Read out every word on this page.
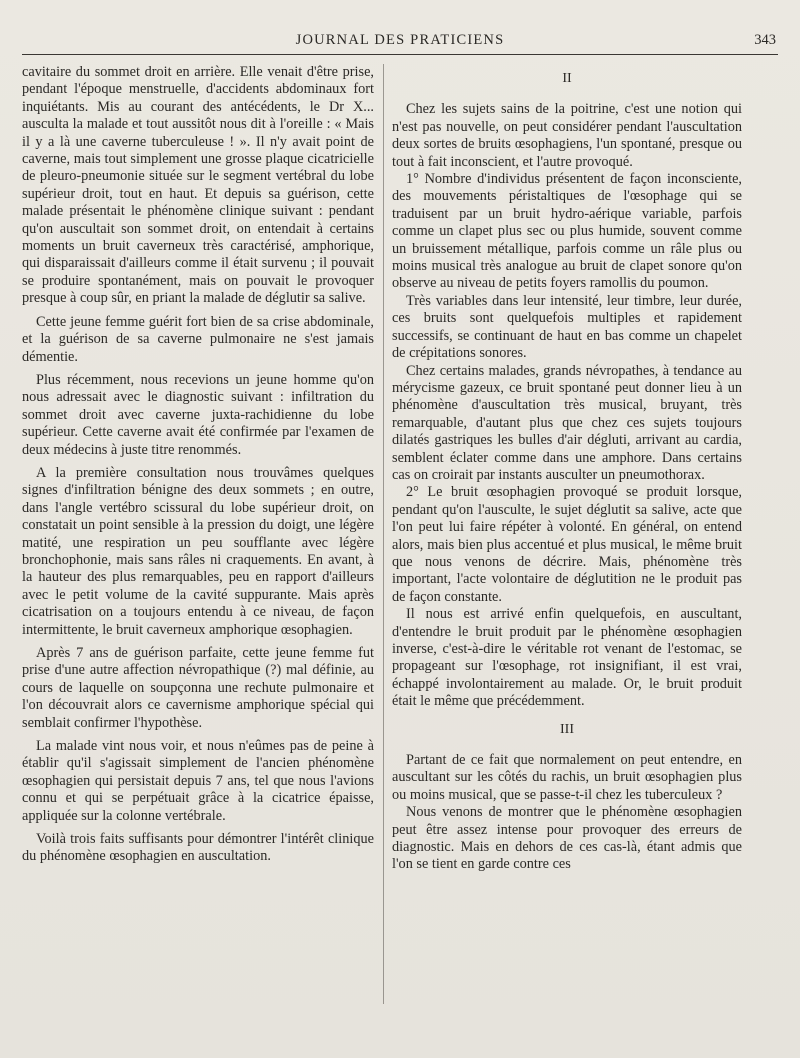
JOURNAL DES PRATICIENS	343

cavitaire du sommet droit en arrière. Elle venait d'être prise, pendant l'époque menstruelle, d'accidents abdominaux fort inquiétants. Mis au courant des antécédents, le Dr X... ausculta la malade et tout aussitôt nous dit à l'oreille : « Mais il y a là une caverne tuberculeuse ! ». Il n'y avait point de caverne, mais tout simplement une grosse plaque cicatricielle de pleuro-pneumonie située sur le segment vertébral du lobe supérieur droit, tout en haut. Et depuis sa guérison, cette malade présentait le phénomène clinique suivant : pendant qu'on auscultait son sommet droit, on entendait à certains moments un bruit caverneux très caractérisé, amphorique, qui disparaissait d'ailleurs comme il était survenu ; il pouvait se produire spontanément, mais on pouvait le provoquer presque à coup sûr, en priant la malade de déglutir sa salive.

Cette jeune femme guérit fort bien de sa crise abdominale, et la guérison de sa caverne pulmonaire ne s'est jamais démentie.

Plus récemment, nous recevions un jeune homme qu'on nous adressait avec le diagnostic suivant : infiltration du sommet droit avec caverne juxta-rachidienne du lobe supérieur. Cette caverne avait été confirmée par l'examen de deux médecins à juste titre renommés.

A la première consultation nous trouvâmes quelques signes d'infiltration bénigne des deux sommets ; en outre, dans l'angle vertébro scissural du lobe supérieur droit, on constatait un point sensible à la pression du doigt, une légère matité, une respiration un peu soufflante avec légère bronchophonie, mais sans râles ni craquements. En avant, à la hauteur des plus remarquables, peu en rapport d'ailleurs avec le petit volume de la cavité suppurante. Mais après cicatrisation on a toujours entendu à ce niveau, de façon intermittente, le bruit caverneux amphorique œsophagien.

Après 7 ans de guérison parfaite, cette jeune femme fut prise d'une autre affection névropathique (?) mal définie, au cours de laquelle on soupçonna une rechute pulmonaire et l'on découvrait alors ce cavernisme amphorique spécial qui semblait confirmer l'hypothèse.

La malade vint nous voir, et nous n'eûmes pas de peine à établir qu'il s'agissait simplement de l'ancien phénomène œsophagien qui persistait depuis 7 ans, tel que nous l'avions connu et qui se perpétuait grâce à la cicatrice épaisse, appliquée sur la colonne vertébrale.

Voilà trois faits suffisants pour démontrer l'intérêt clinique du phénomène œsophagien en auscultation.

II

Chez les sujets sains de la poitrine, c'est une notion qui n'est pas nouvelle, on peut considérer pendant l'auscultation deux sortes de bruits œsophagiens, l'un spontané, presque ou tout à fait inconscient, et l'autre provoqué.

1° Nombre d'individus présentent de façon inconsciente, des mouvements péristaltiques de l'œsophage qui se traduisent par un bruit hydro-aérique variable, parfois comme un clapet plus sec ou plus humide, souvent comme un bruissement métallique, parfois comme un râle plus ou moins musical très analogue au bruit de clapet sonore qu'on observe au niveau de petits foyers ramollis du poumon.

Très variables dans leur intensité, leur timbre, leur durée, ces bruits sont quelquefois multiples et rapidement successifs, se continuant de haut en bas comme un chapelet de crépitations sonores.

Chez certains malades, grands névropathes, à tendance au mérycisme gazeux, ce bruit spontané peut donner lieu à un phénomène d'auscultation très musical, bruyant, très remarquable, d'autant plus que chez ces sujets toujours dilatés gastriques les bulles d'air dégluti, arrivant au cardia, semblent éclater comme dans une amphore. Dans certains cas on croirait par instants ausculter un pneumothorax.

2° Le bruit œsophagien provoqué se produit lorsque, pendant qu'on l'ausculte, le sujet déglutit sa salive, acte que l'on peut lui faire répéter à volonté. En général, on entend alors, mais bien plus accentué et plus musical, le même bruit que nous venons de décrire. Mais, phénomène très important, l'acte volontaire de déglutition ne le produit pas de façon constante.

Il nous est arrivé enfin quelquefois, en auscultant, d'entendre le bruit produit par le phénomène œsophagien inverse, c'est-à-dire le véritable rot venant de l'estomac, se propageant sur l'œsophage, rot insignifiant, il est vrai, échappé involontairement au malade. Or, le bruit produit était le même que précédemment.

III

Partant de ce fait que normalement on peut entendre, en auscultant sur les côtés du rachis, un bruit œsophagien plus ou moins musical, que se passe-t-il chez les tuberculeux ?

Nous venons de montrer que le phénomène œsophagien peut être assez intense pour provoquer des erreurs de diagnostic. Mais en dehors de ces cas-là, étant admis que l'on se tient en garde contre ces
